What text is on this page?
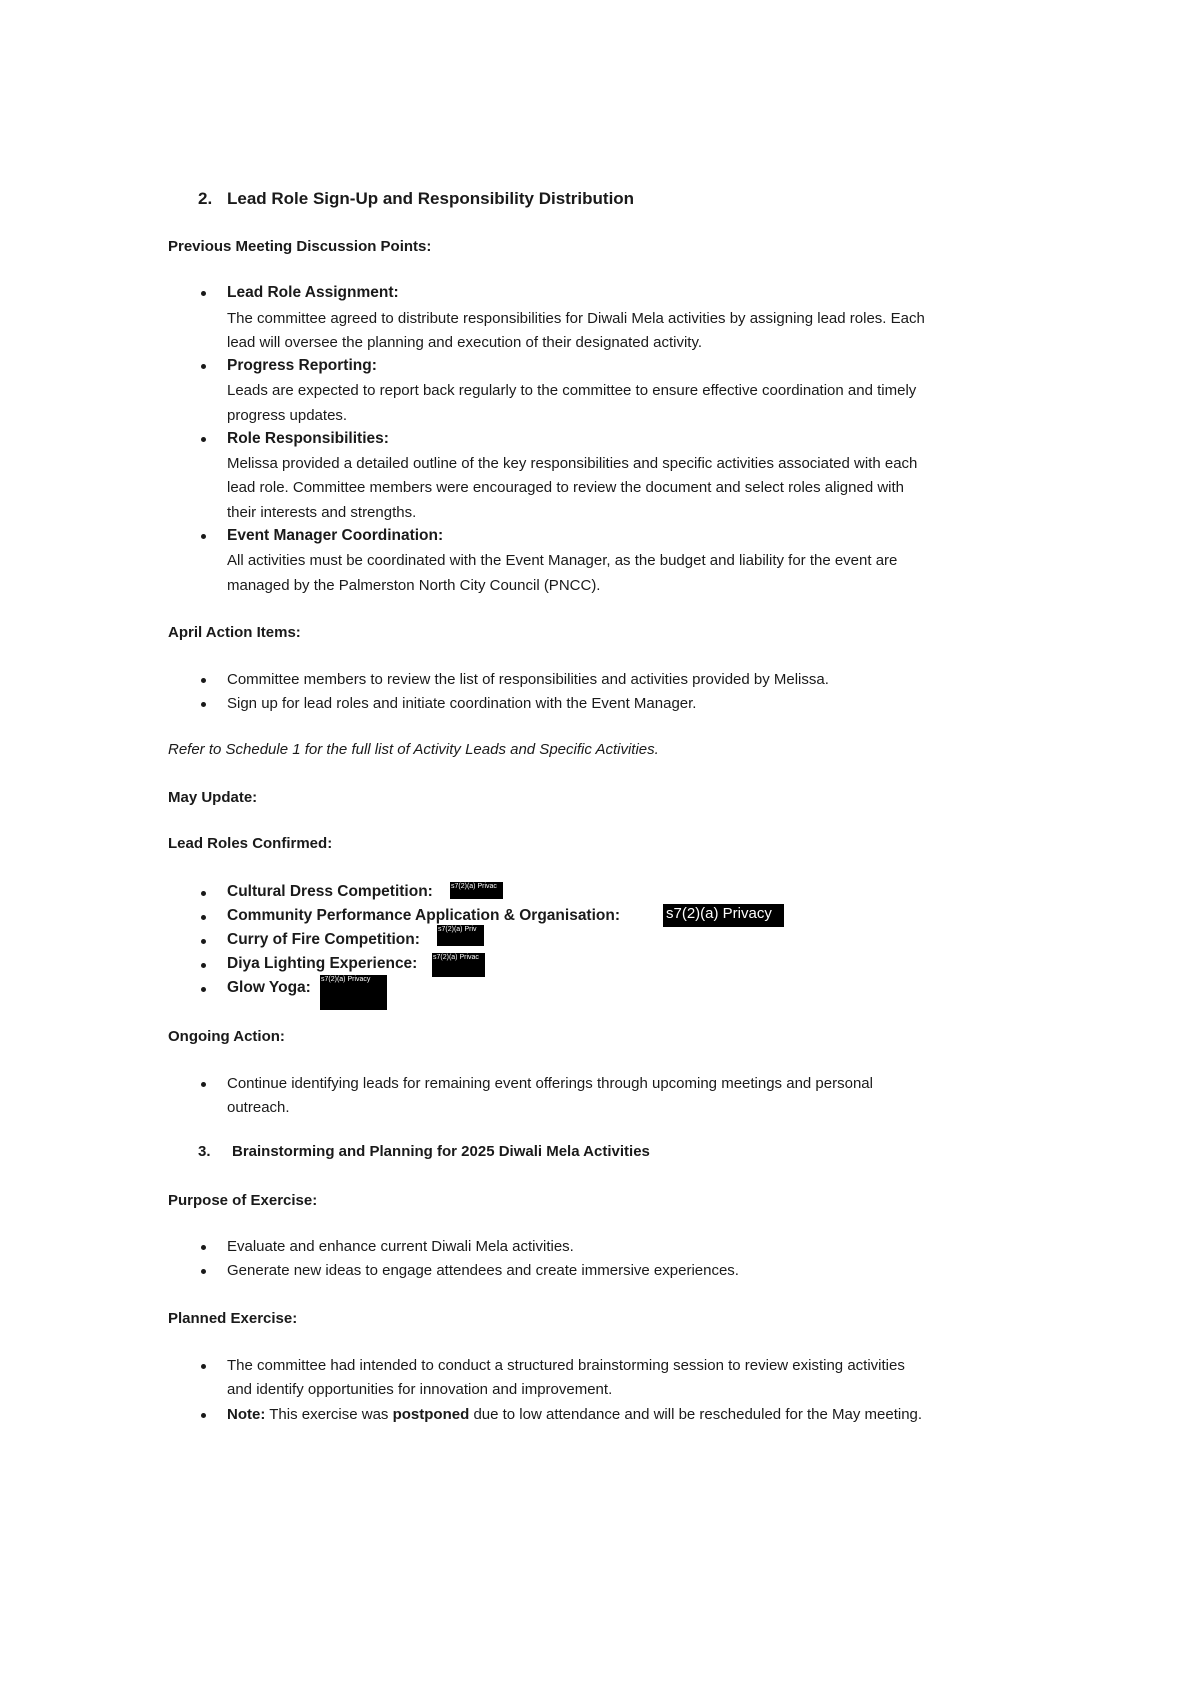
2. Lead Role Sign-Up and Responsibility Distribution
Previous Meeting Discussion Points:
Lead Role Assignment:
The committee agreed to distribute responsibilities for Diwali Mela activities by assigning lead roles. Each
lead will oversee the planning and execution of their designated activity.
Progress Reporting:
Leads are expected to report back regularly to the committee to ensure effective coordination and timely
progress updates.
Role Responsibilities:
Melissa provided a detailed outline of the key responsibilities and specific activities associated with each
lead role. Committee members were encouraged to review the document and select roles aligned with
their interests and strengths.
Event Manager Coordination:
All activities must be coordinated with the Event Manager, as the budget and liability for the event are
managed by the Palmerston North City Council (PNCC).
April Action Items:
Committee members to review the list of responsibilities and activities provided by Melissa.
Sign up for lead roles and initiate coordination with the Event Manager.
Refer to Schedule 1 for the full list of Activity Leads and Specific Activities.
May Update:
Lead Roles Confirmed:
Cultural Dress Competition:	s7(2)(a) Privac
Community Performance Application & Organisation:	s7(2)(a) Privacy
Curry of Fire Competition:
s7(2)(a) Priv
Diya Lighting Experience: s7(2)(a) Privac
Glow Yoga: s7(2)(a) Privacy
Ongoing Action:
Continue identifying leads for remaining event offerings through upcoming meetings and personal
outreach.
3. Brainstorming and Planning for 2025 Diwali Mela Activities
Purpose of Exercise:
Evaluate and enhance current Diwali Mela activities.
Generate new ideas to engage attendees and create immersive experiences.
Planned Exercise:
The committee had intended to conduct a structured brainstorming session to review existing activities
and identify opportunities for innovation and improvement.
Note: This exercise was postponed due to low attendance and will be rescheduled for the May meeting.
